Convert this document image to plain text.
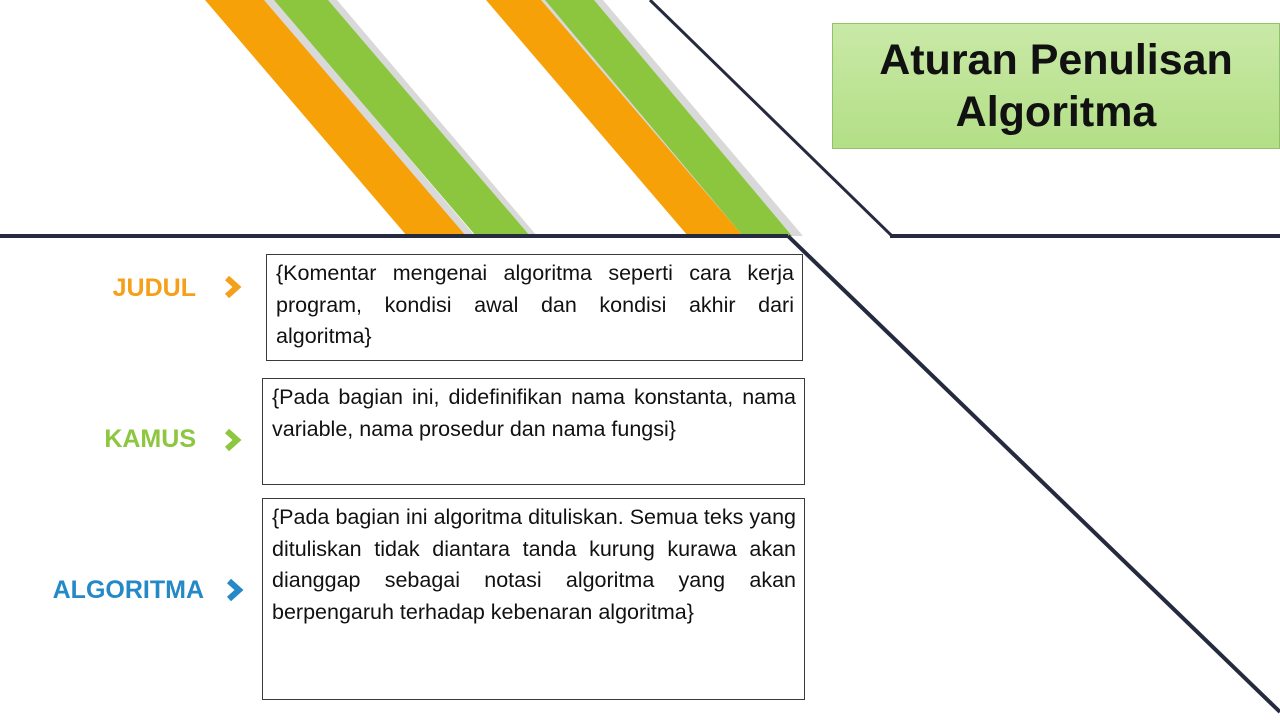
Aturan Penulisan Algoritma
JUDUL
{Komentar mengenai algoritma seperti cara kerja program, kondisi awal dan kondisi akhir dari algoritma}
KAMUS
{Pada bagian ini, didefinifikan nama konstanta, nama variable, nama prosedur dan nama fungsi}
ALGORITMA
{Pada bagian ini algoritma dituliskan. Semua teks yang dituliskan tidak diantara tanda kurung kurawa akan dianggap sebagai notasi algoritma yang akan berpengaruh terhadap kebenaran algoritma}
